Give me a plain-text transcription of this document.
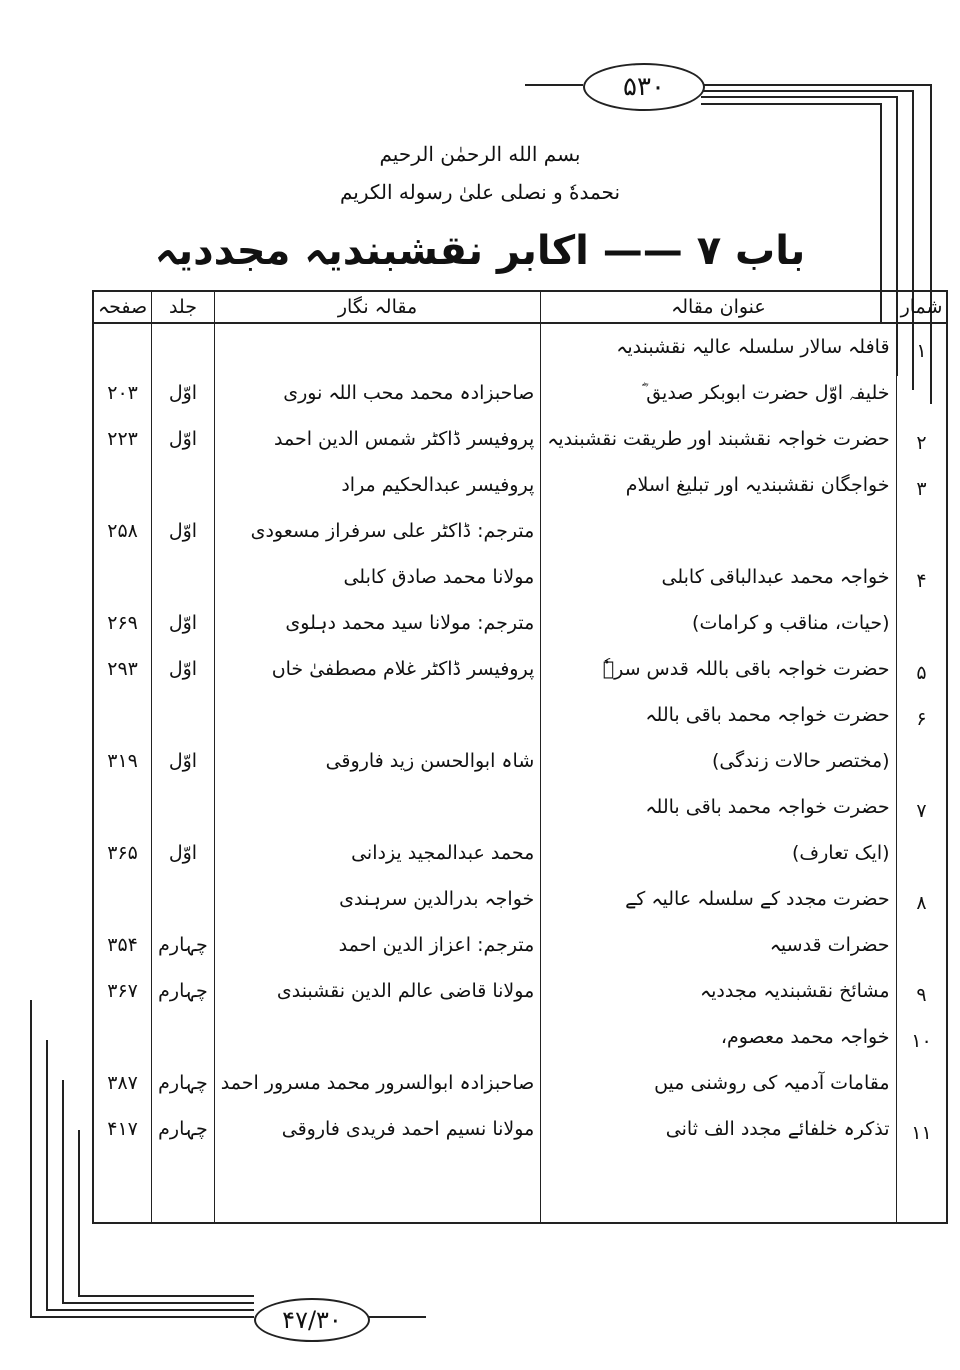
۵۳۰
۴۷/۳۰
بسم الله الرحمٰن الرحیم
نحمدهٗ و نصلی علیٰ رسوله الکریم
باب ۷ —— اکابر نقشبندیہ مجددیہ
شمار	عنوان مقالہ	مقالہ نگار	جلد	صفحہ

۱	قافلہ سالار سلسلہ عالیہ نقشبندیہ
خلیفہ اوّل حضرت ابوبکر صدیق ؓ	صاحبزادہ محمد محب اللہ نوری	اوّل	۲۰۳

۲	حضرت خواجہ نقشبند اور طریقت نقشبندیہ	پروفیسر ڈاکٹر شمس الدین احمد	اوّل	۲۲۳

۳	خواجگان نقشبندیہ اور تبلیغ اسلام	پروفیسر عبدالحکیم مراد
مترجم: ڈاکٹر علی سرفراز مسعودی	اوّل	۲۵۸

۴	خواجہ محمد عبدالباقی کابلی
(حیات، مناقب و کرامات)	مولانا محمد صادق کابلی
مترجم: مولانا سید محمد دہلوی	اوّل	۲۶۹

۵	حضرت خواجہ باقی باللہ قدس سرہٗ	پروفیسر ڈاکٹر غلام مصطفیٰ خاں	اوّل	۲۹۳

۶	حضرت خواجہ محمد باقی باللہ
(مختصر حالات زندگی)	شاہ ابوالحسن زید فاروقی	اوّل	۳۱۹

۷	حضرت خواجہ محمد باقی باللہ
(ایک تعارف)	محمد عبدالمجید یزدانی	اوّل	۳۶۵

۸	حضرت مجدد کے سلسلہ عالیہ کے
حضرات قدسیہ	خواجہ بدرالدین سرہندی
مترجم: اعزاز الدین احمد	چہارم	۳۵۴

۹	مشائخ نقشبندیہ مجددیہ	مولانا قاضی عالم الدین نقشبندی	چہارم	۳۶۷

۱۰	خواجہ محمد معصوم،
مقامات آدمیہ کی روشنی میں	صاحبزادہ ابوالسرور محمد مسرور احمد	چہارم	۳۸۷

۱۱	تذکرہ خلفائے مجدد الف ثانی	مولانا نسیم احمد فریدی فاروقی	چہارم	۴۱۷
